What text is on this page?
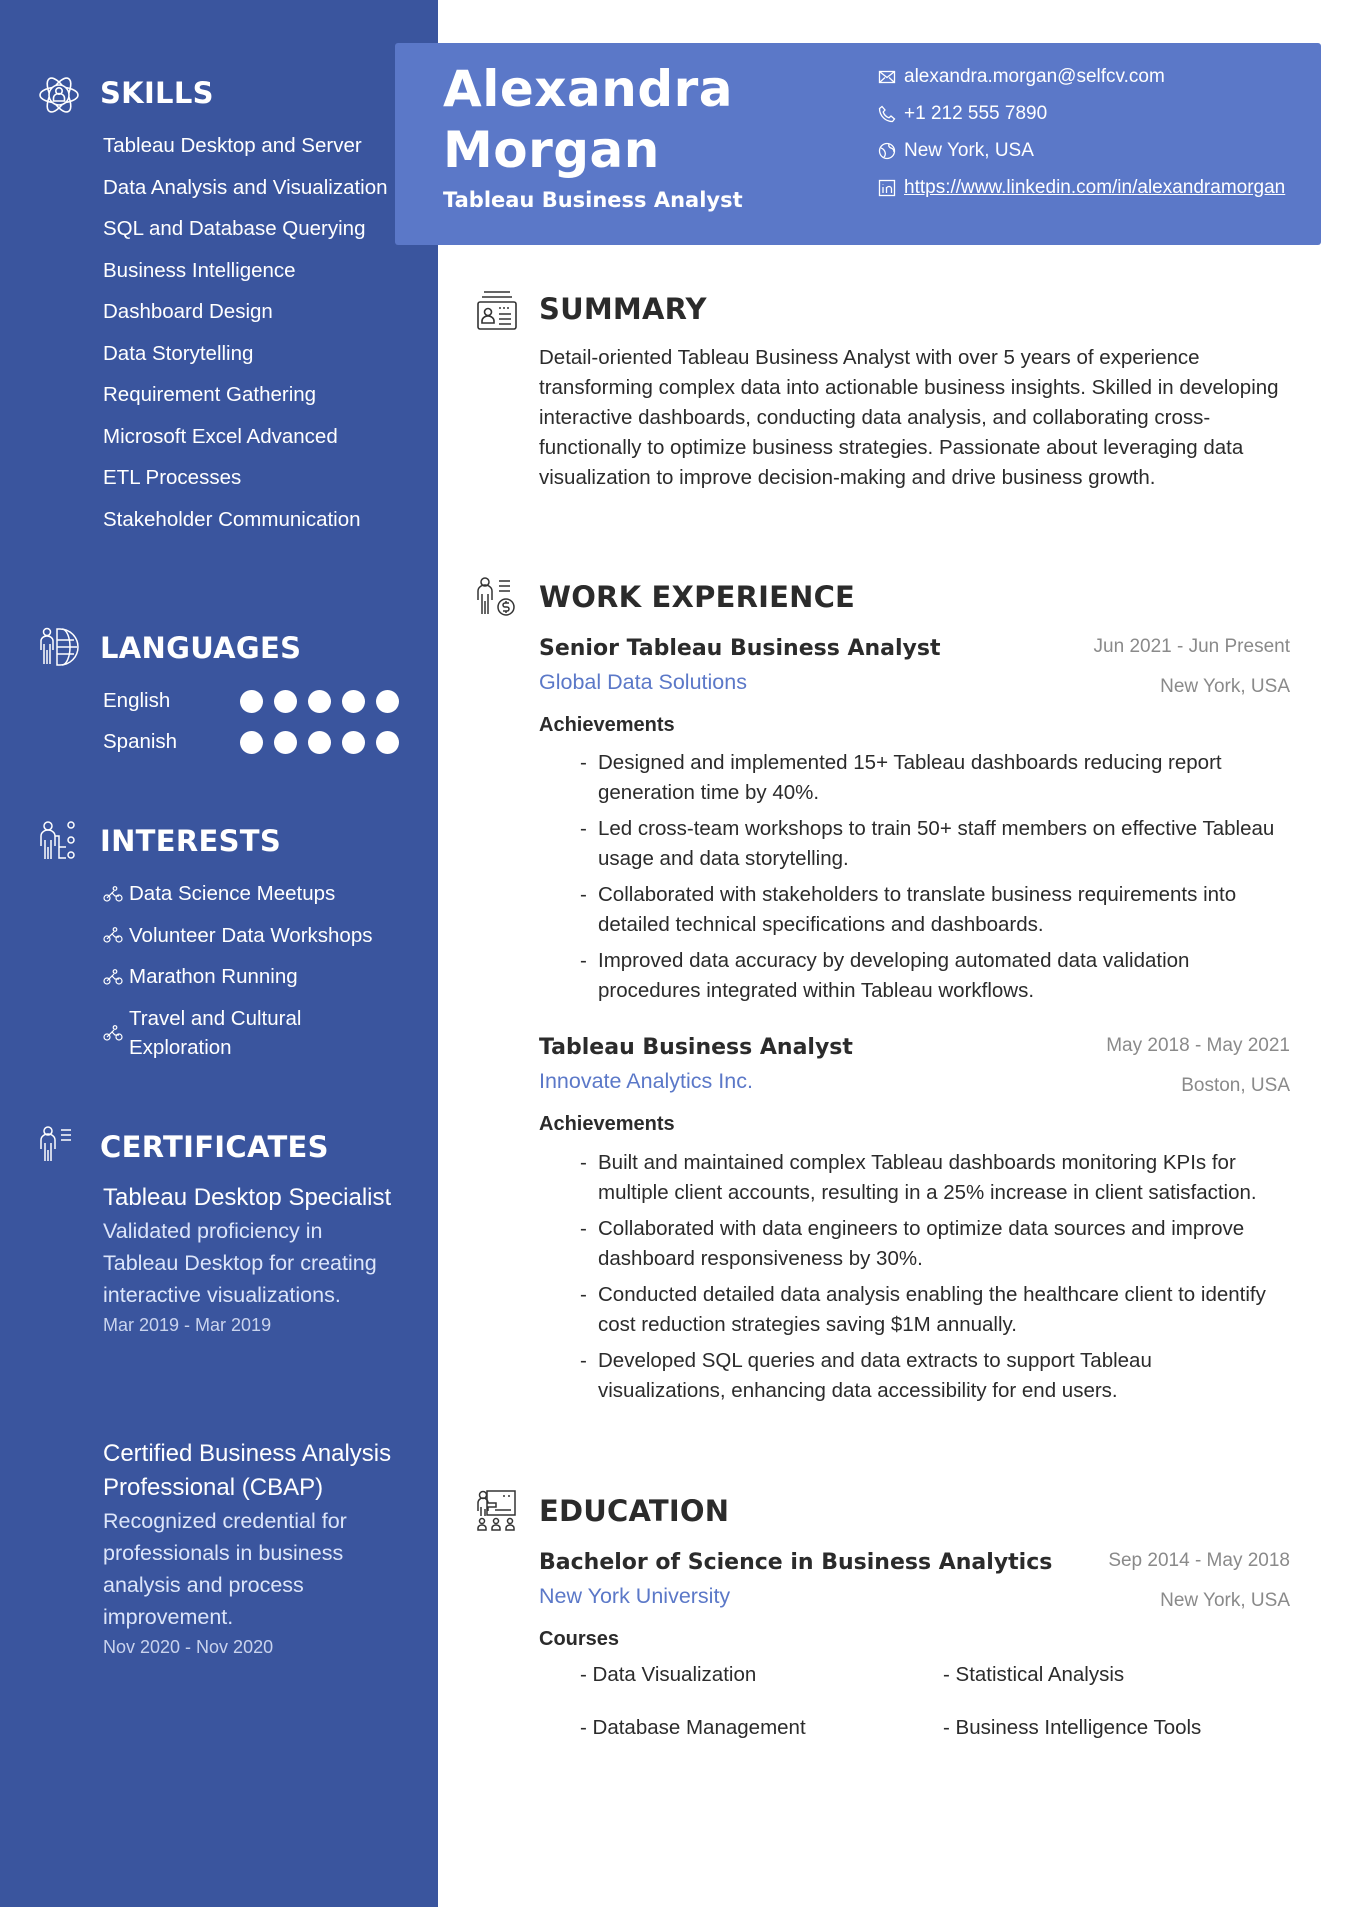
SKILLS
Tableau Desktop and Server
Data Analysis and Visualization
SQL and Database Querying
Business Intelligence
Dashboard Design
Data Storytelling
Requirement Gathering
Microsoft Excel Advanced
ETL Processes
Stakeholder Communication
LANGUAGES
English
Spanish
INTERESTS
Data Science Meetups
Volunteer Data Workshops
Marathon Running
Travel and Cultural Exploration
CERTIFICATES
Tableau Desktop Specialist
Validated proficiency in Tableau Desktop for creating interactive visualizations.
Mar 2019 - Mar 2019
Certified Business Analysis Professional (CBAP)
Recognized credential for professionals in business analysis and process improvement.
Nov 2020 - Nov 2020
Alexandra
Morgan
Tableau Business Analyst
alexandra.morgan@selfcv.com
+1 212 555 7890
New York, USA
https://www.linkedin.com/in/alexandramorgan
SUMMARY
Detail-oriented Tableau Business Analyst with over 5 years of experience transforming complex data into actionable business insights. Skilled in developing interactive dashboards, conducting data analysis, and collaborating cross-functionally to optimize business strategies. Passionate about leveraging data visualization to improve decision-making and drive business growth.
WORK EXPERIENCE
Senior Tableau Business Analyst	Jun 2021 - Jun Present
Global Data Solutions	New York, USA
Achievements
- Designed and implemented 15+ Tableau dashboards reducing report generation time by 40%.
- Led cross-team workshops to train 50+ staff members on effective Tableau usage and data storytelling.
- Collaborated with stakeholders to translate business requirements into detailed technical specifications and dashboards.
- Improved data accuracy by developing automated data validation procedures integrated within Tableau workflows.
Tableau Business Analyst	May 2018 - May 2021
Innovate Analytics Inc.	Boston, USA
Achievements
- Built and maintained complex Tableau dashboards monitoring KPIs for multiple client accounts, resulting in a 25% increase in client satisfaction.
- Collaborated with data engineers to optimize data sources and improve dashboard responsiveness by 30%.
- Conducted detailed data analysis enabling the healthcare client to identify cost reduction strategies saving $1M annually.
- Developed SQL queries and data extracts to support Tableau visualizations, enhancing data accessibility for end users.
EDUCATION
Bachelor of Science in Business Analytics	Sep 2014 - May 2018
New York University	New York, USA
Courses
- Data Visualization	- Statistical Analysis
- Database Management	- Business Intelligence Tools
